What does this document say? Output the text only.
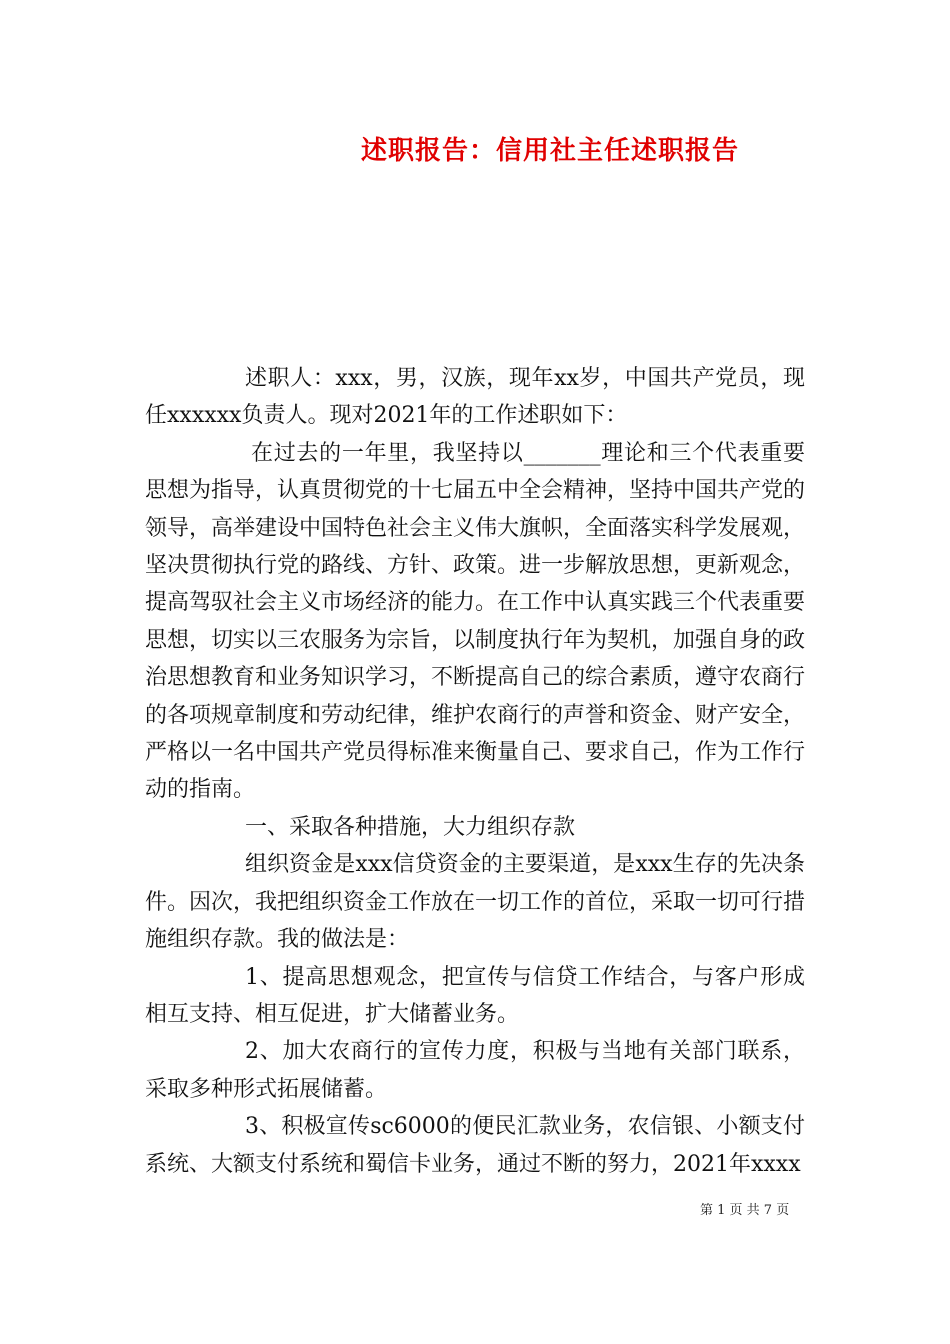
述职报告：信用社主任述职报告

述职人：xxx，男，汉族，现年xx岁，中国共产党员，现任xxxxxx负责人。现对2021年的工作述职如下：

在过去的一年里，我坚持以_______理论和三个代表重要思想为指导，认真贯彻党的十七届五中全会精神，坚持中国共产党的领导，高举建设中国特色社会主义伟大旗帜，全面落实科学发展观，坚决贯彻执行党的路线、方针、政策。进一步解放思想，更新观念，提高驾驭社会主义市场经济的能力。在工作中认真实践三个代表重要思想，切实以三农服务为宗旨，以制度执行年为契机，加强自身的政治思想教育和业务知识学习，不断提高自己的综合素质，遵守农商行的各项规章制度和劳动纪律，维护农商行的声誉和资金、财产安全，严格以一名中国共产党员得标准来衡量自己、要求自己，作为工作行动的指南。

一、采取各种措施，大力组织存款

组织资金是xxx信贷资金的主要渠道，是xxx生存的先决条件。因次，我把组织资金工作放在一切工作的首位，采取一切可行措施组织存款。我的做法是：

1、提高思想观念，把宣传与信贷工作结合，与客户形成相互支持、相互促进，扩大储蓄业务。

2、加大农商行的宣传力度，积极与当地有关部门联系，采取多种形式拓展储蓄。

3、积极宣传sc6000的便民汇款业务，农信银、小额支付系统、大额支付系统和蜀信卡业务，通过不断的努力，2021年xxxx

第 1 页 共 7 页
